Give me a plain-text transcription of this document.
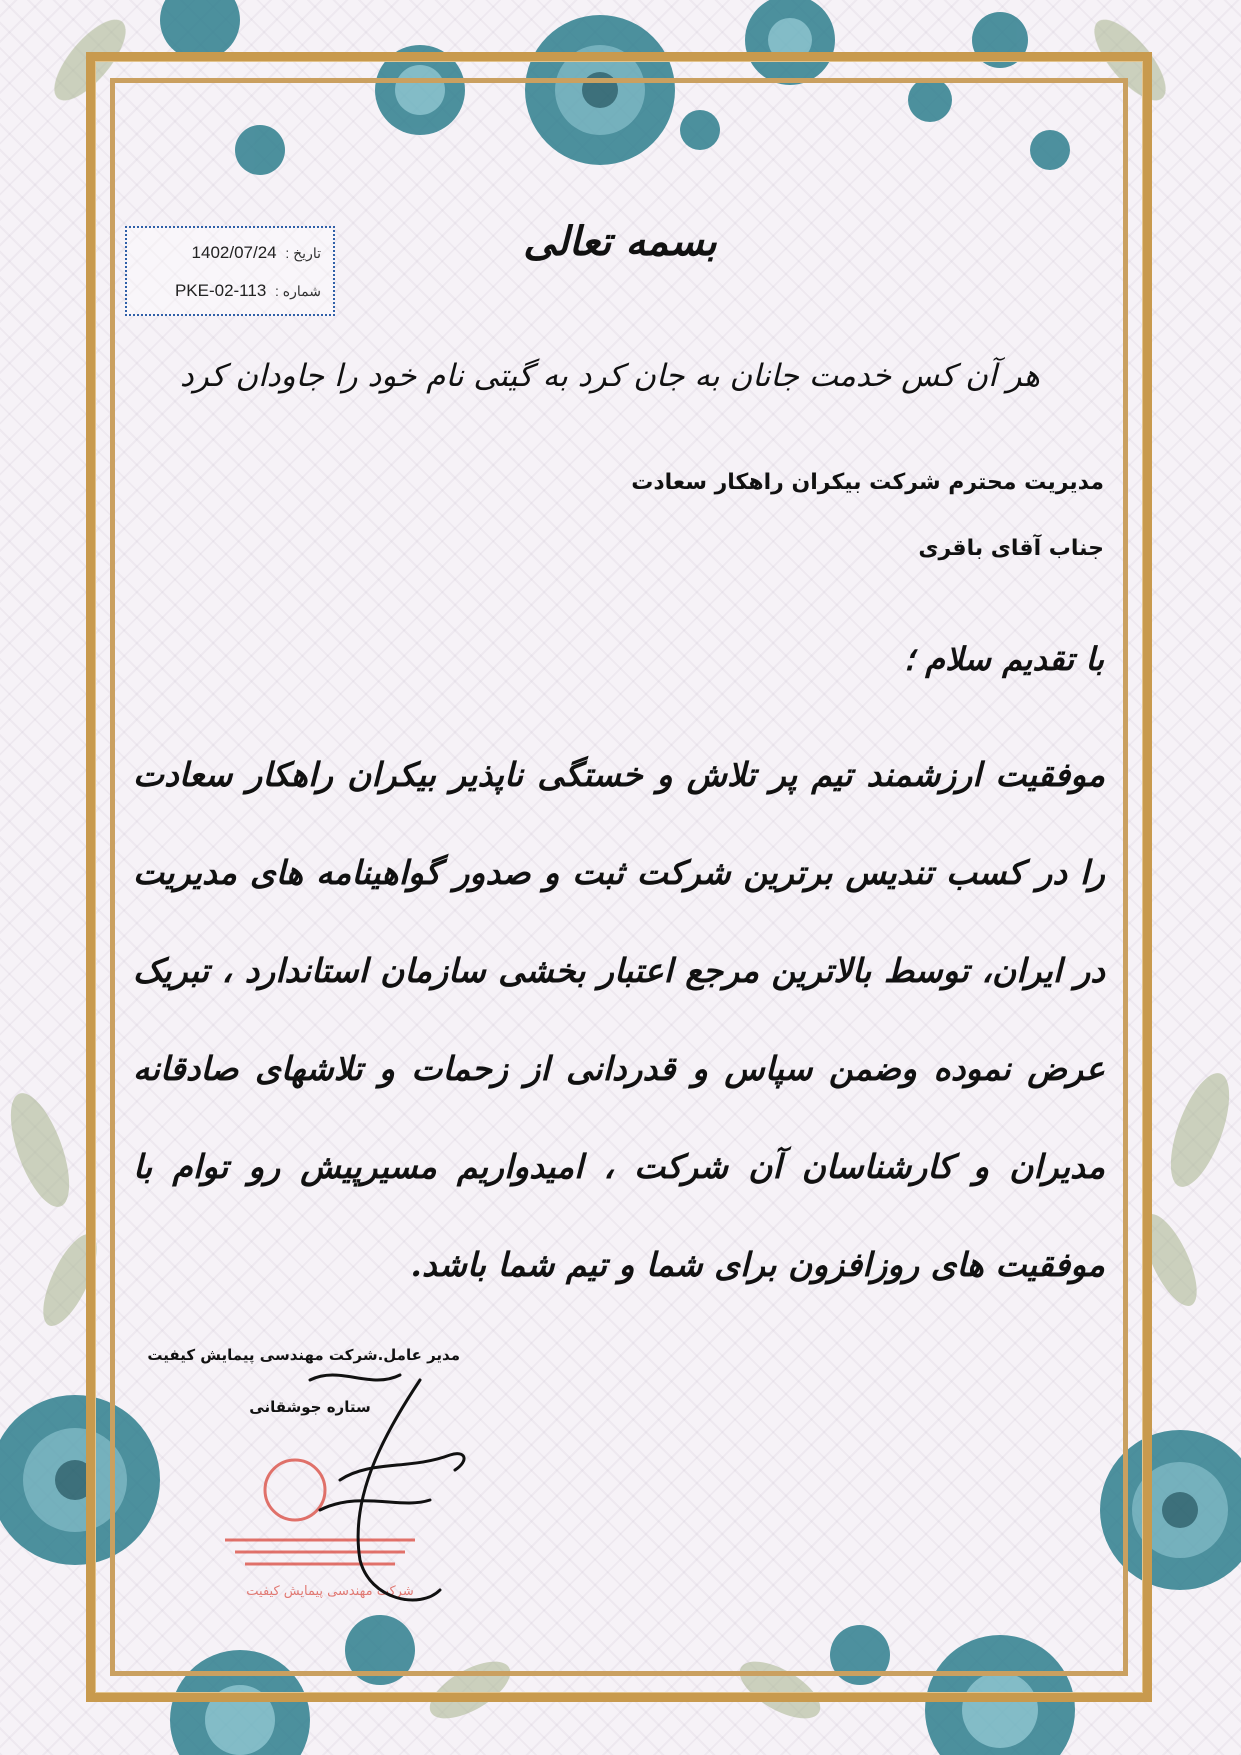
تاریخ : 1402/07/24
شماره : PKE-02-113
بسمه تعالی
هر آن کس خدمت جانان به جان کرد به گیتی نام خود را جاودان کرد
مدیریت محترم شرکت بیکران راهکار سعادت
جناب آقای باقری
با تقدیم سلام ؛
موفقیت ارزشمند تیم پر تلاش و خستگی ناپذیر بیکران راهکار سعادت را در کسب تندیس برترین شرکت ثبت و صدور گواهینامه های مدیریت در ایران، توسط بالاترین مرجع اعتبار بخشی سازمان استاندارد ، تبریک عرض نموده وضمن سپاس و قدردانی از زحمات و تلاشهای صادقانه مدیران و کارشناسان آن شرکت ، امیدواریم مسیرپیش رو توام با موفقیت های روزافزون برای شما و تیم شما باشد.
شرکت مهندسی پیمایش کیفیت
مدیر عامل.شرکت مهندسی پیمایش کیفیت
ستاره جوشقانی
